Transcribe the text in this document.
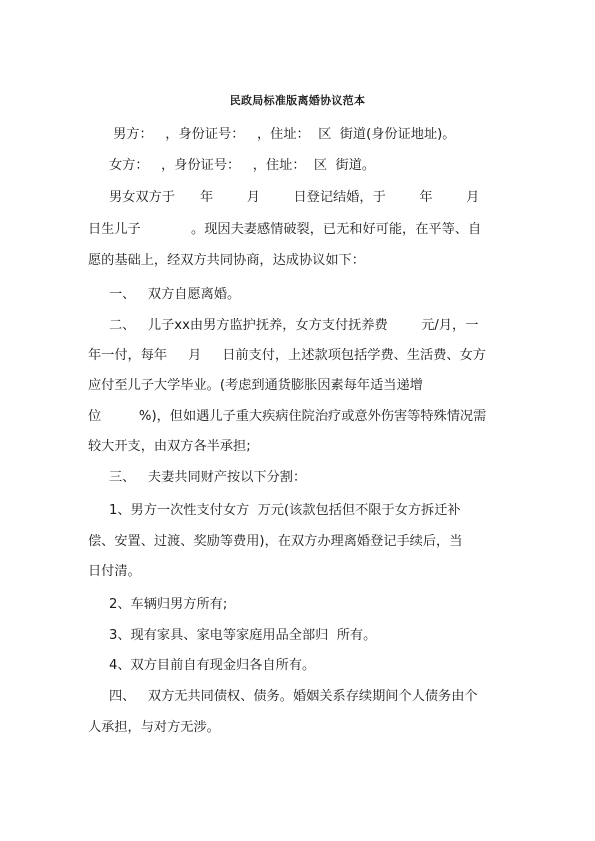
民政局标准版离婚协议范本
男方：   ，身份证号：   ，住址：  区  街道(身份证地址)。
女方：   ，身份证号：   ，住址：  区  街道。
男女双方于      年        月        日登记结婚，于        年        月
日生儿子            。现因夫妻感情破裂，已无和好可能，在平等、自
愿的基础上，经双方共同协商，达成协议如下：
一、   双方自愿离婚。
二、   儿子xx由男方监护抚养，女方支付抚养费        元/月，一
年一付，每年     月     日前支付，上述款项包括学费、生活费、女方
应付至儿子大学毕业。(考虑到通货膨胀因素每年适当递增
位         %)，但如遇儿子重大疾病住院治疗或意外伤害等特殊情况需
较大开支，由双方各半承担;
三、   夫妻共同财产按以下分割：
1、男方一次性支付女方  万元(该款包括但不限于女方拆迁补
偿、安置、过渡、奖励等费用)，在双方办理离婚登记手续后，当
日付清。
2、车辆归男方所有;
3、现有家具、家电等家庭用品全部归  所有。
4、双方目前自有现金归各自所有。
四、   双方无共同债权、债务。婚姻关系存续期间个人债务由个
人承担，与对方无涉。
